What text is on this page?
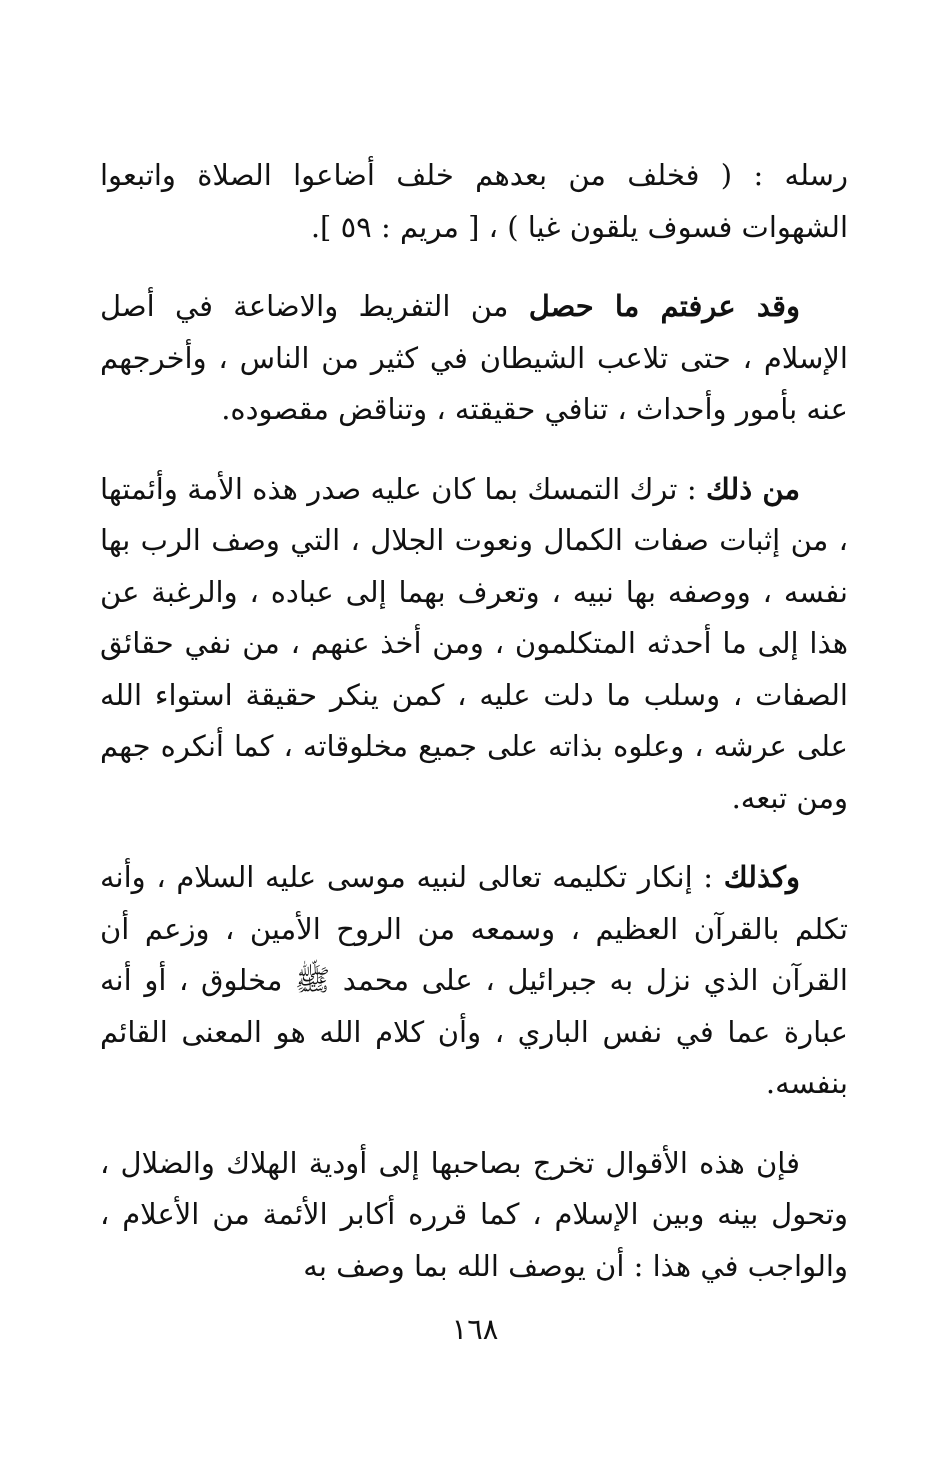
رسله : ( فخلف من بعدهم خلف أضاعوا الصلاة واتبعوا الشهوات فسوف يلقون غيا ) ، [ مريم : ٥٩ ].

وقد عرفتم ما حصل من التفريط والاضاعة في أصل الإسلام ، حتى تلاعب الشيطان في كثير من الناس ، وأخرجهم عنه بأمور وأحداث ، تنافي حقيقته ، وتناقض مقصوده.

من ذلك : ترك التمسك بما كان عليه صدر هذه الأمة وأئمتها ، من إثبات صفات الكمال ونعوت الجلال ، التي وصف الرب بها نفسه ، ووصفه بها نبيه ، وتعرف بهما إلى عباده ، والرغبة عن هذا إلى ما أحدثه المتكلمون ، ومن أخذ عنهم ، من نفي حقائق الصفات ، وسلب ما دلت عليه ، كمن ينكر حقيقة استواء الله على عرشه ، وعلوه بذاته على جميع مخلوقاته ، كما أنكره جهم ومن تبعه.

وكذلك : إنكار تكليمه تعالى لنبيه موسى عليه السلام ، وأنه تكلم بالقرآن العظيم ، وسمعه من الروح الأمين ، وزعم أن القرآن الذي نزل به جبرائيل ، على محمد ﷺ مخلوق ، أو أنه عبارة عما في نفس الباري ، وأن كلام الله هو المعنى القائم بنفسه.

فإن هذه الأقوال تخرج بصاحبها إلى أودية الهلاك والضلال ، وتحول بينه وبين الإسلام ، كما قرره أكابر الأئمة من الأعلام ، والواجب في هذا : أن يوصف الله بما وصف به

١٦٨
